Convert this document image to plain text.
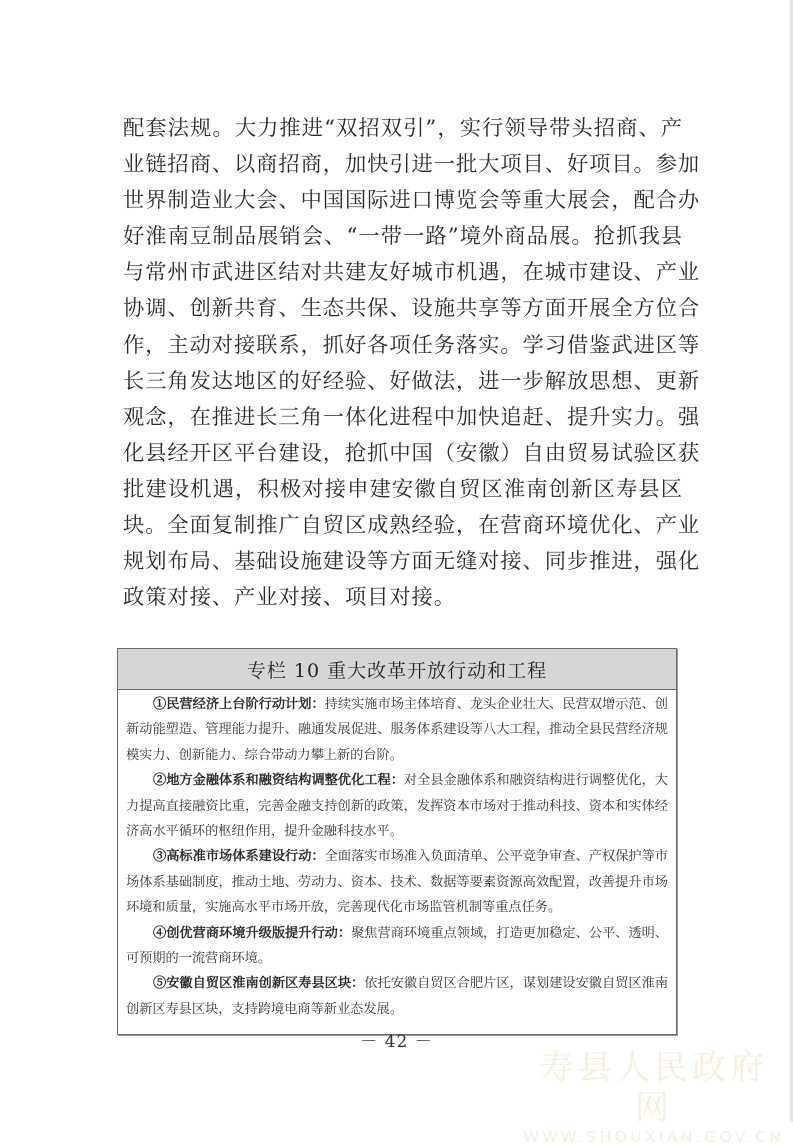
配套法规。大力推进“双招双引”，实行领导带头招商、产
业链招商、以商招商，加快引进一批大项目、好项目。参加
世界制造业大会、中国国际进口博览会等重大展会，配合办
好淮南豆制品展销会、“一带一路”境外商品展。抢抓我县
与常州市武进区结对共建友好城市机遇，在城市建设、产业
协调、创新共育、生态共保、设施共享等方面开展全方位合
作，主动对接联系，抓好各项任务落实。学习借鉴武进区等
长三角发达地区的好经验、好做法，进一步解放思想、更新
观念，在推进长三角一体化进程中加快追赶、提升实力。强
化县经开区平台建设，抢抓中国（安徽）自由贸易试验区获
批建设机遇，积极对接申建安徽自贸区淮南创新区寿县区
块。全面复制推广自贸区成熟经验，在营商环境优化、产业
规划布局、基础设施建设等方面无缝对接、同步推进，强化
政策对接、产业对接、项目对接。
专栏 10 重大改革开放行动和工程
①民营经济上台阶行动计划：持续实施市场主体培育、龙头企业壮大、民营双增示范、创
新动能塑造、管理能力提升、融通发展促进、服务体系建设等八大工程，推动全县民营经济规
模实力、创新能力、综合带动力攀上新的台阶。
②地方金融体系和融资结构调整优化工程：对全县金融体系和融资结构进行调整优化，大
力提高直接融资比重，完善金融支持创新的政策，发挥资本市场对于推动科技、资本和实体经
济高水平循环的枢纽作用，提升金融科技水平。
③高标准市场体系建设行动：全面落实市场准入负面清单、公平竞争审查、产权保护等市
场体系基础制度，推动土地、劳动力、资本、技术、数据等要素资源高效配置，改善提升市场
环境和质量，实施高水平市场开放，完善现代化市场监管机制等重点任务。
④创优营商环境升级版提升行动：聚焦营商环境重点领域，打造更加稳定、公平、透明、
可预期的一流营商环境。
⑤安徽自贸区淮南创新区寿县区块：依托安徽自贸区合肥片区，谋划建设安徽自贸区淮南
创新区寿县区块，支持跨境电商等新业态发展。
－ 42 －
寿县人民政府网
WWW.SHOUXIAN.GOV.CN
